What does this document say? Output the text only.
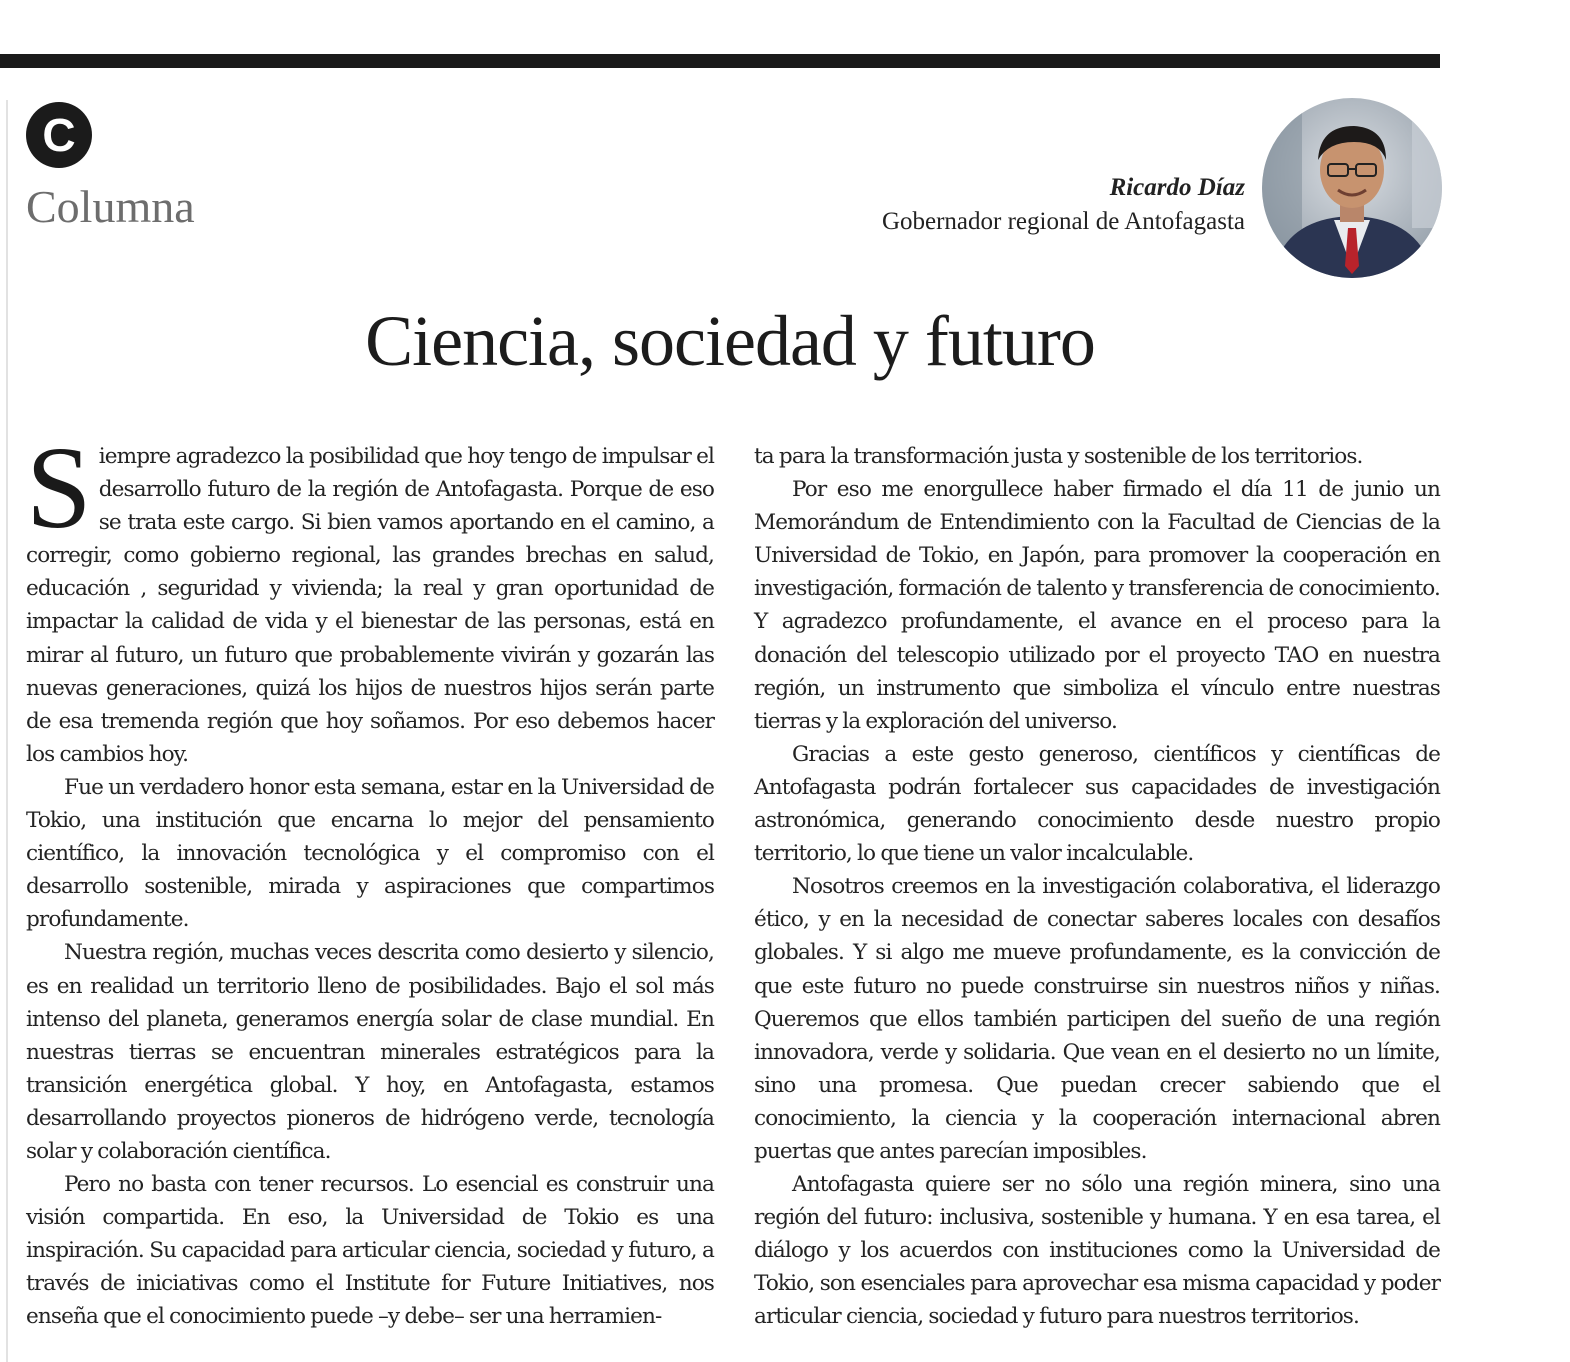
C
Columna	Ricardo Díaz
Gobernador regional de Antofagasta
Ciencia, sociedad y futuro

Siempre agradezco la posibilidad que hoy tengo de impulsar el desarrollo futuro de la región de Antofagasta. Porque de eso se trata este cargo. Si bien vamos aportando en el camino, a corregir, como gobierno regional, las grandes brechas en salud, educación , seguridad y vivienda; la real y gran oportunidad de impactar la calidad de vida y el bienestar de las personas, está en mirar al futuro, un futuro que probablemente vivirán y gozarán las nuevas generaciones, quizá los hijos de nuestros hijos serán parte de esa tremenda región que hoy soñamos. Por eso debemos hacer los cambios hoy.

Fue un verdadero honor esta semana, estar en la Universidad de Tokio, una institución que encarna lo mejor del pensamiento científico, la innovación tecnológica y el compromiso con el desarrollo sostenible, mirada y aspiraciones que compartimos profundamente.

Nuestra región, muchas veces descrita como desierto y silencio, es en realidad un territorio lleno de posibilidades. Bajo el sol más intenso del planeta, generamos energía solar de clase mundial. En nuestras tierras se encuentran minerales estratégicos para la transición energética global. Y hoy, en Antofagasta, estamos desarrollando proyectos pioneros de hidrógeno verde, tecnología solar y colaboración científica.

Pero no basta con tener recursos. Lo esencial es construir una visión compartida. En eso, la Universidad de Tokio es una inspiración. Su capacidad para articular ciencia, sociedad y futuro, a través de iniciativas como el Institute for Future Initiatives, nos enseña que el conocimiento puede –y debe– ser una herramien-

ta para la transformación justa y sostenible de los territorios.

Por eso me enorgullece haber firmado el día 11 de junio un Memorándum de Entendimiento con la Facultad de Ciencias de la Universidad de Tokio, en Japón, para promover la cooperación en investigación, formación de talento y transferencia de conocimiento. Y agradezco profundamente, el avance en el proceso para la donación del telescopio utilizado por el proyecto TAO en nuestra región, un instrumento que simboliza el vínculo entre nuestras tierras y la exploración del universo.

Gracias a este gesto generoso, científicos y científicas de Antofagasta podrán fortalecer sus capacidades de investigación astronómica, generando conocimiento desde nuestro propio territorio, lo que tiene un valor incalculable.

Nosotros creemos en la investigación colaborativa, el liderazgo ético, y en la necesidad de conectar saberes locales con desafíos globales. Y si algo me mueve profundamente, es la convicción de que este futuro no puede construirse sin nuestros niños y niñas. Queremos que ellos también participen del sueño de una región innovadora, verde y solidaria. Que vean en el desierto no un límite, sino una promesa. Que puedan crecer sabiendo que el conocimiento, la ciencia y la cooperación internacional abren puertas que antes parecían imposibles.

Antofagasta quiere ser no sólo una región minera, sino una región del futuro: inclusiva, sostenible y humana. Y en esa tarea, el diálogo y los acuerdos con instituciones como la Universidad de Tokio, son esenciales para aprovechar esa misma capacidad y poder articular ciencia, sociedad y futuro para nuestros territorios.
